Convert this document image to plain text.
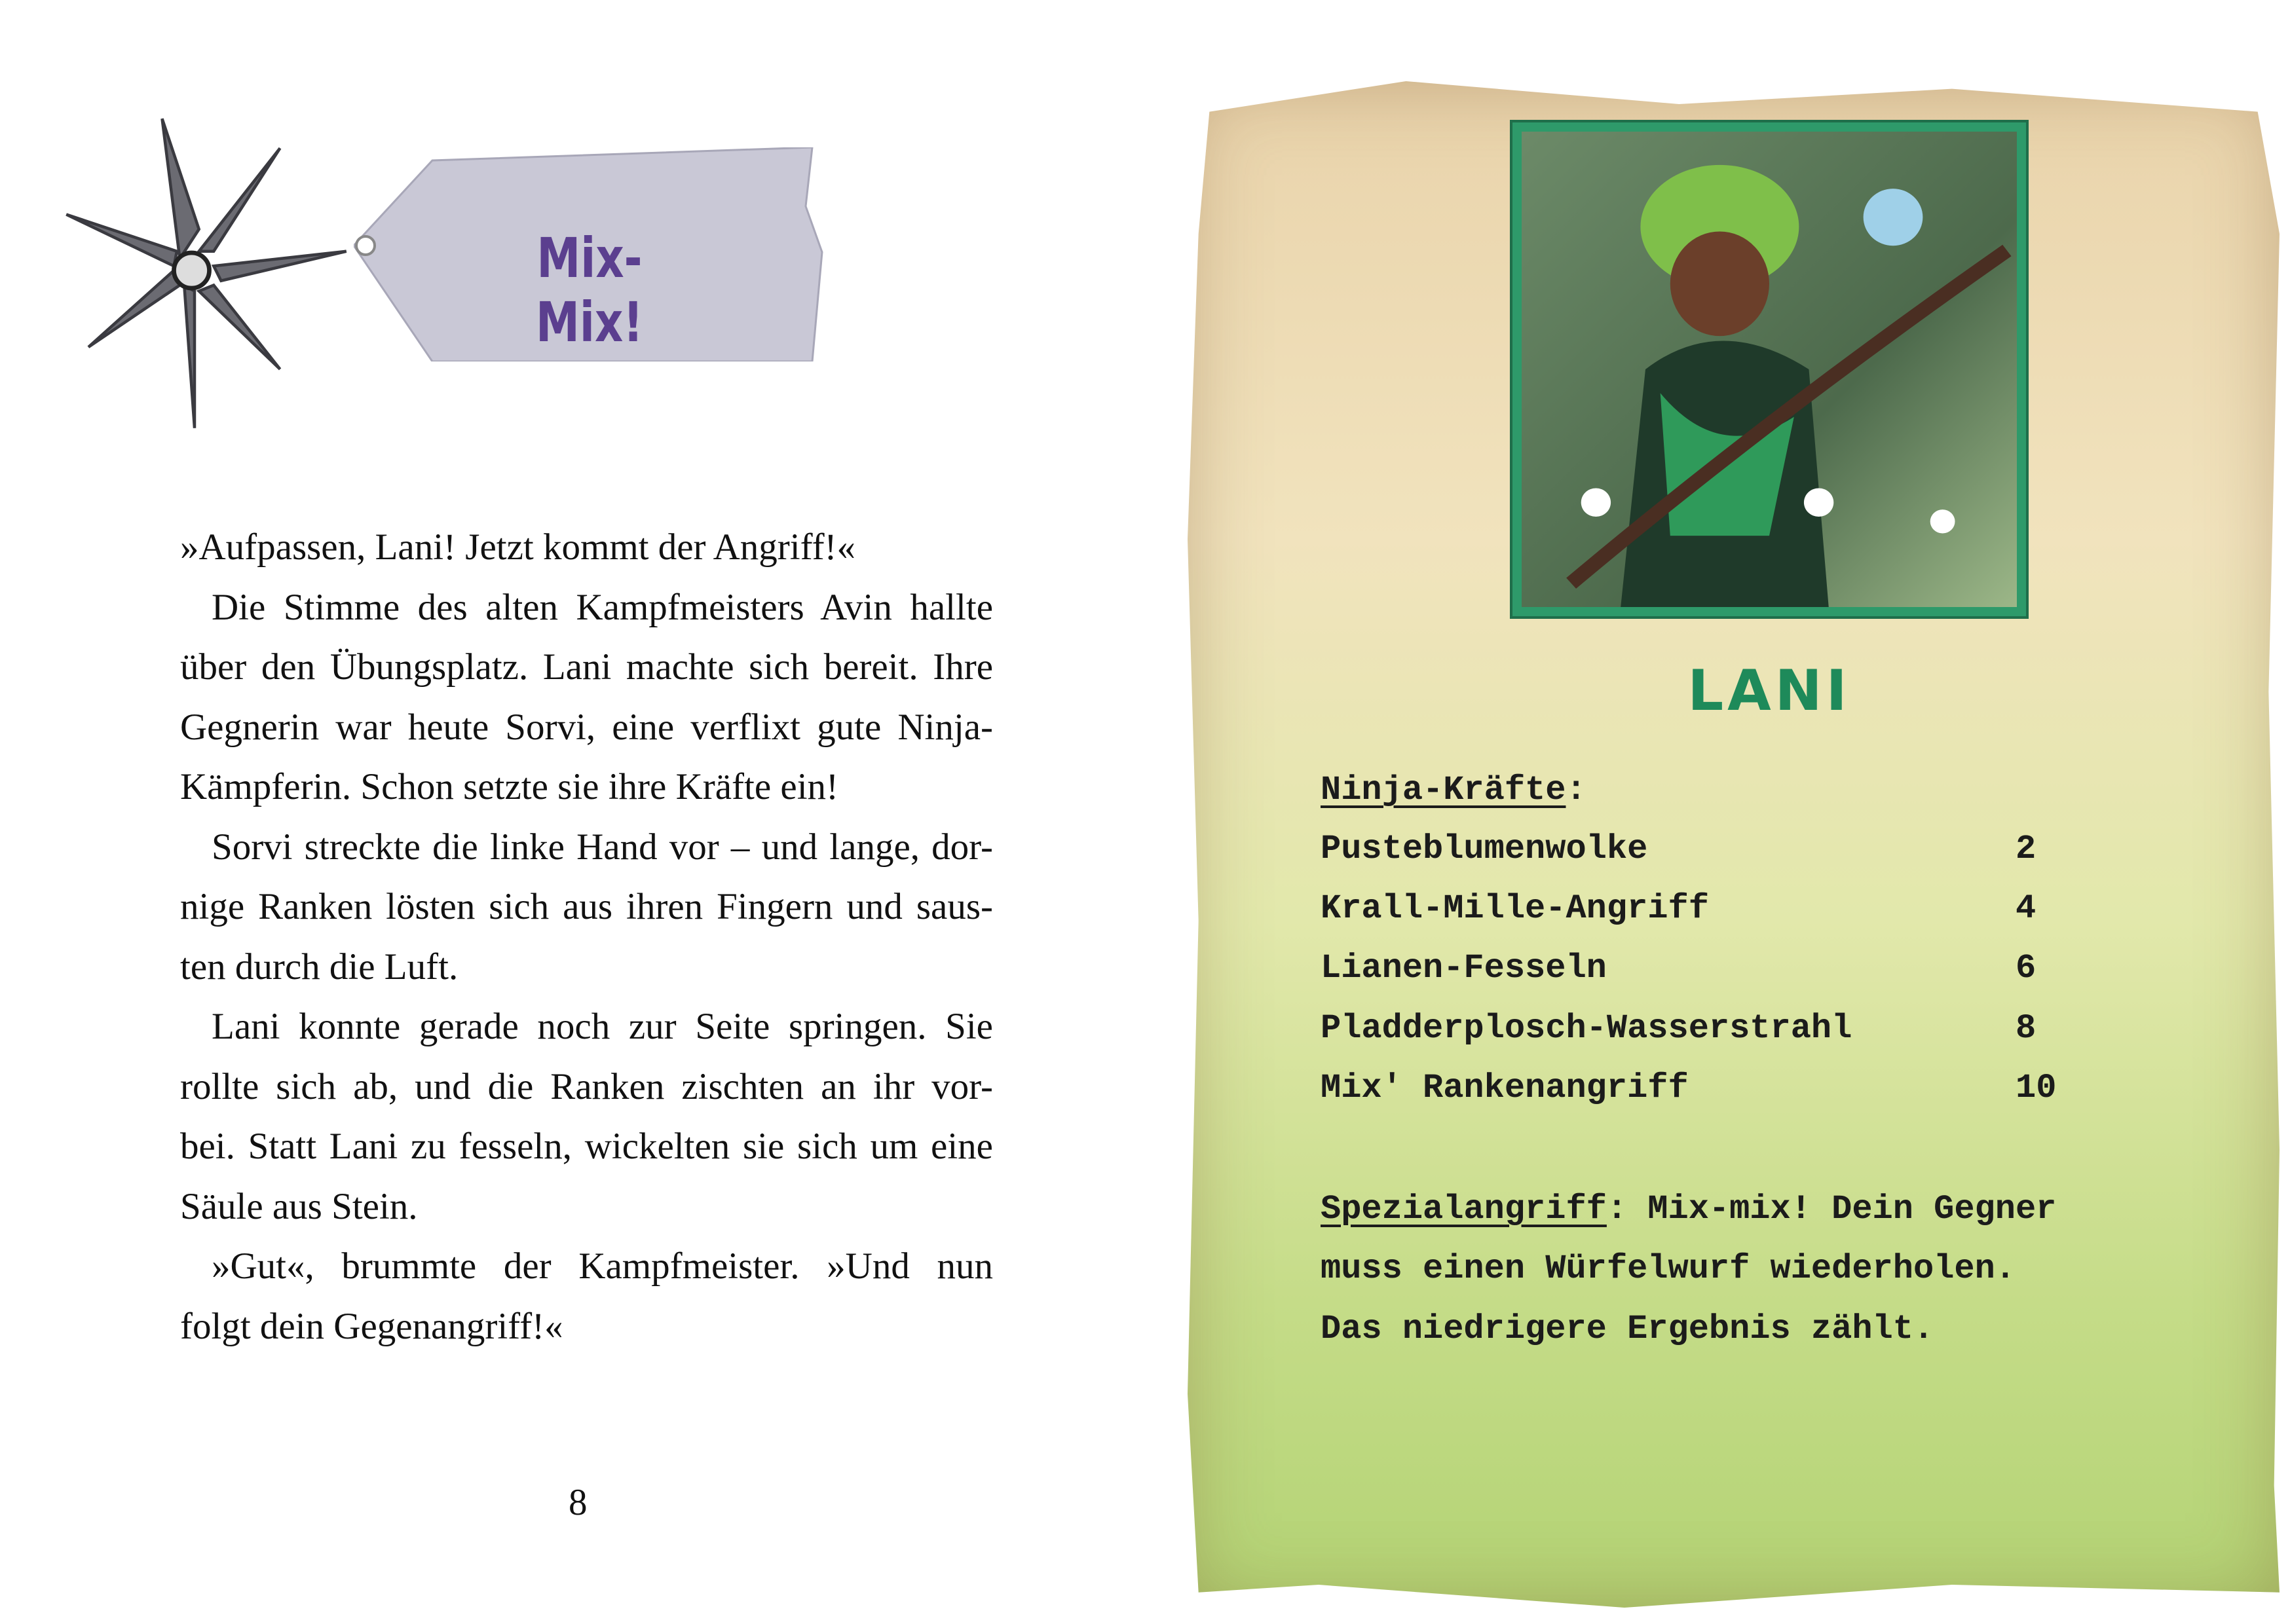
Mix-Mix!
»Aufpassen, Lani! Jetzt kommt der Angriff!«
Die Stimme des alten Kampfmeisters Avin hallte
über den Übungsplatz. Lani machte sich bereit. Ihre
Gegnerin war heute Sorvi, eine verflixt gute Ninja-
Kämpferin. Schon setzte sie ihre Kräfte ein!
Sorvi streckte die linke Hand vor – und lange, dor-
nige Ranken lösten sich aus ihren Fingern und saus-
ten durch die Luft.
Lani konnte gerade noch zur Seite springen. Sie
rollte sich ab, und die Ranken zischten an ihr vor-
bei. Statt Lani zu fesseln, wickelten sie sich um eine
Säule aus Stein.
»Gut«, brummte der Kampfmeister. »Und nun
folgt dein Gegenangriff!«
8
LANI
Ninja-Kräfte:
Pusteblumenwolke	2
Krall-Mille-Angriff	4
Lianen-Fesseln	6
Pladderplosch-Wasserstrahl	8
Mix' Rankenangriff	10
Spezialangriff: Mix-mix! Dein Gegner
muss einen Würfelwurf wiederholen.
Das niedrigere Ergebnis zählt.
